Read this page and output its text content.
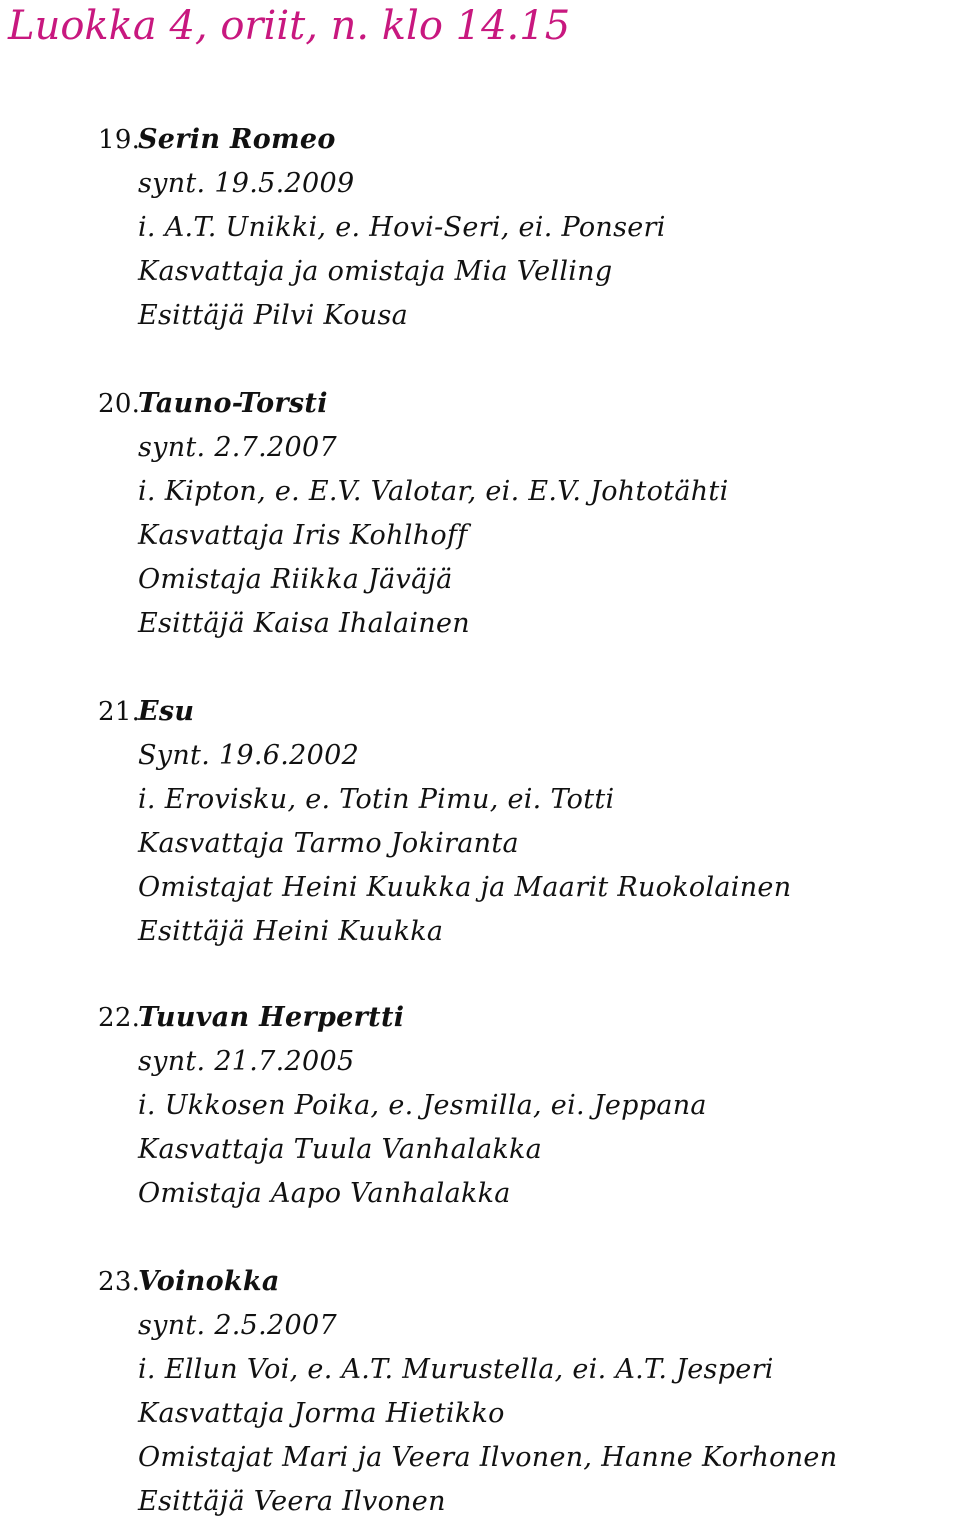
Luokka 4, oriit, n. klo 14.15
19.
Serin Romeo
synt. 19.5.2009
i. A.T. Unikki, e. Hovi-Seri, ei. Ponseri
Kasvattaja ja omistaja Mia Velling
Esittäjä Pilvi Kousa
20.
Tauno-Torsti
synt. 2.7.2007
i. Kipton, e. E.V. Valotar, ei. E.V. Johtotähti
Kasvattaja Iris Kohlhoff
Omistaja Riikka Jäväjä
Esittäjä Kaisa Ihalainen
21.
Esu
Synt. 19.6.2002
i. Erovisku, e. Totin Pimu, ei. Totti
Kasvattaja Tarmo Jokiranta
Omistajat Heini Kuukka ja Maarit Ruokolainen
Esittäjä Heini Kuukka
22.
Tuuvan Herpertti
synt. 21.7.2005
i. Ukkosen Poika, e. Jesmilla, ei. Jeppana
Kasvattaja Tuula Vanhalakka
Omistaja Aapo Vanhalakka
23.
Voinokka
synt. 2.5.2007
i. Ellun Voi, e. A.T. Murustella, ei. A.T. Jesperi
Kasvattaja Jorma Hietikko
Omistajat Mari ja Veera Ilvonen, Hanne Korhonen
Esittäjä Veera Ilvonen
